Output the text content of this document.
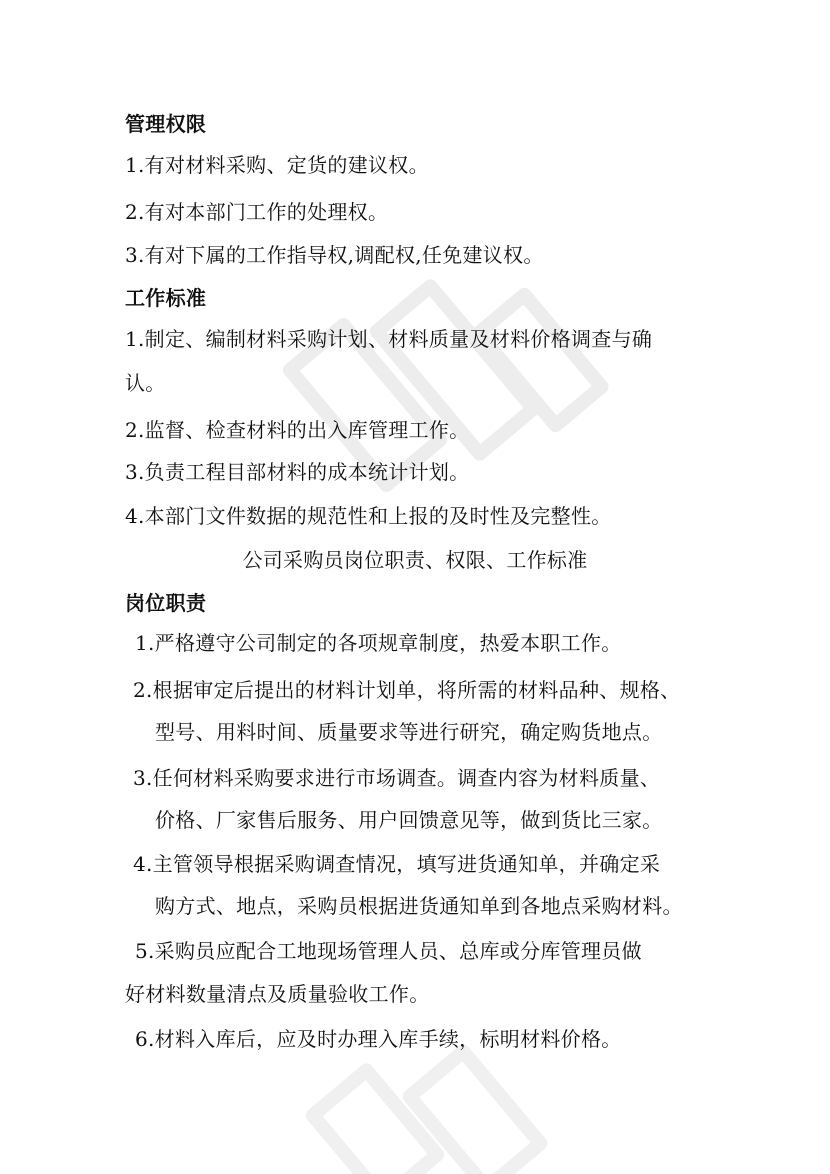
管理权限
1.有对材料采购、定货的建议权。
2.有对本部门工作的处理权。
3.有对下属的工作指导权,调配权,任免建议权。
工作标准
1.制定、编制材料采购计划、材料质量及材料价格调查与确
认。
2.监督、检查材料的出入库管理工作。
3.负责工程目部材料的成本统计计划。
4.本部门文件数据的规范性和上报的及时性及完整性。
公司采购员岗位职责、权限、工作标准
岗位职责
1.严格遵守公司制定的各项规章制度，热爱本职工作。
2.根据审定后提出的材料计划单，将所需的材料品种、规格、
型号、用料时间、质量要求等进行研究，确定购货地点。
3.任何材料采购要求进行市场调查。调查内容为材料质量、
价格、厂家售后服务、用户回馈意见等，做到货比三家。
4.主管领导根据采购调查情况，填写进货通知单，并确定采
购方式、地点，采购员根据进货通知单到各地点采购材料。
5.采购员应配合工地现场管理人员、总库或分库管理员做
好材料数量清点及质量验收工作。
6.材料入库后，应及时办理入库手续，标明材料价格。
